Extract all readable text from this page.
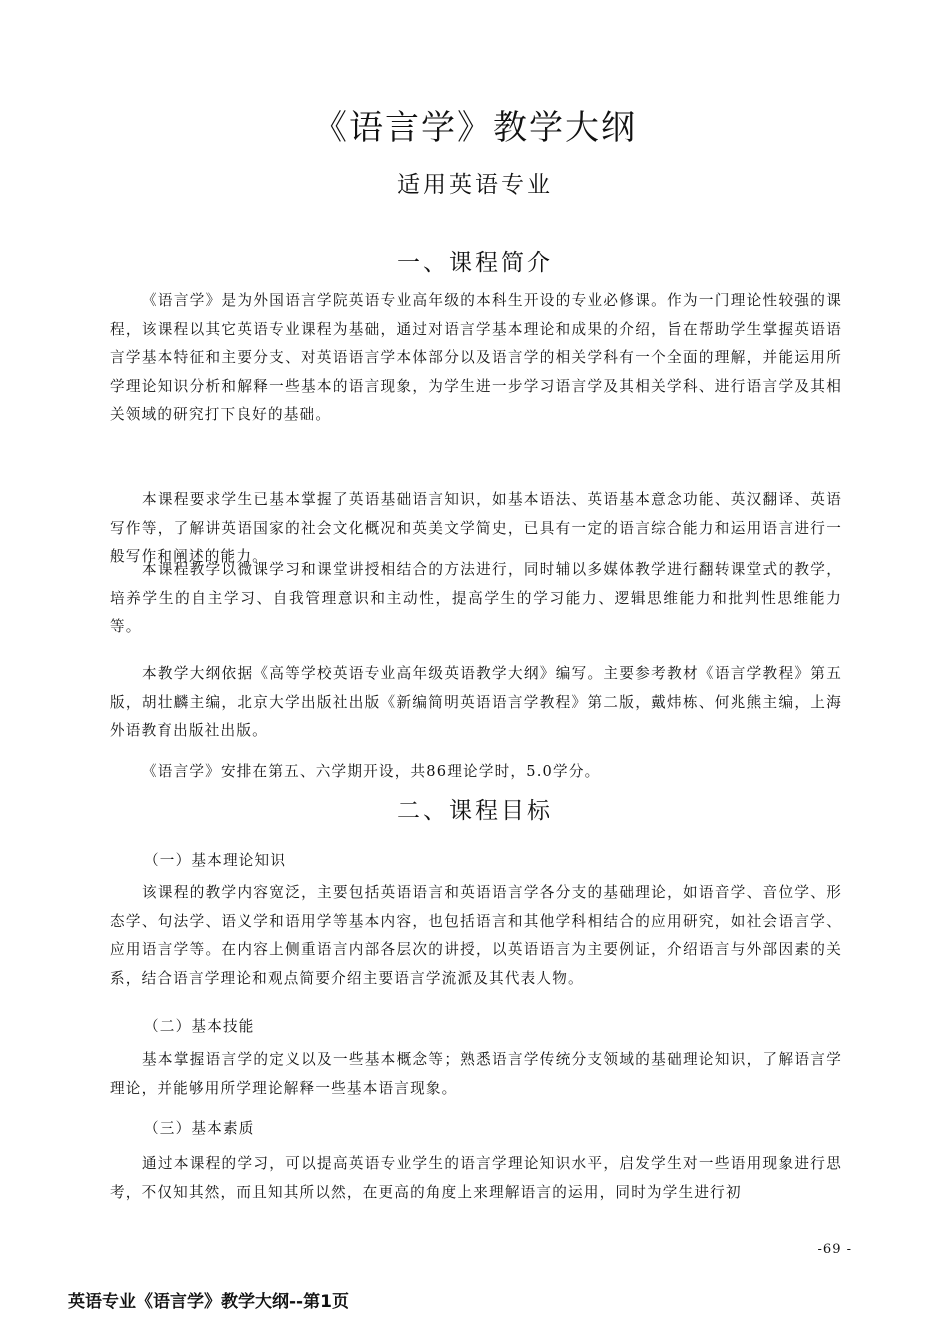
《语言学》教学大纲
适用英语专业
一、课程简介

《语言学》是为外国语言学院英语专业高年级的本科生开设的专业必修课。作为一门理论性较强的课程，该课程以其它英语专业课程为基础，通过对语言学基本理论和成果的介绍，旨在帮助学生掌握英语语言学基本特征和主要分支、对英语语言学本体部分以及语言学的相关学科有一个全面的理解，并能运用所学理论知识分析和解释一些基本的语言现象，为学生进一步学习语言学及其相关学科、进行语言学及其相关领域的研究打下良好的基础。

本课程要求学生已基本掌握了英语基础语言知识，如基本语法、英语基本意念功能、英汉翻译、英语写作等，了解讲英语国家的社会文化概况和英美文学简史，已具有一定的语言综合能力和运用语言进行一般写作和阐述的能力。

本课程教学以微课学习和课堂讲授相结合的方法进行，同时辅以多媒体教学进行翻转课堂式的教学，培养学生的自主学习、自我管理意识和主动性，提高学生的学习能力、逻辑思维能力和批判性思维能力等。

本教学大纲依据《高等学校英语专业高年级英语教学大纲》编写。主要参考教材《语言学教程》第五版，胡壮麟主编，北京大学出版社出版《新编简明英语语言学教程》第二版，戴炜栋、何兆熊主编，上海外语教育出版社出版。

《语言学》安排在第五、六学期开设，共86理论学时，5.0学分。

二、课程目标
（一）基本理论知识

该课程的教学内容宽泛，主要包括英语语言和英语语言学各分支的基础理论，如语音学、音位学、形态学、句法学、语义学和语用学等基本内容，也包括语言和其他学科相结合的应用研究，如社会语言学、应用语言学等。在内容上侧重语言内部各层次的讲授，以英语语言为主要例证，介绍语言与外部因素的关系，结合语言学理论和观点简要介绍主要语言学流派及其代表人物。

（二）基本技能

基本掌握语言学的定义以及一些基本概念等；熟悉语言学传统分支领域的基础理论知识，了解语言学理论，并能够用所学理论解释一些基本语言现象。

（三）基本素质

通过本课程的学习，可以提高英语专业学生的语言学理论知识水平，启发学生对一些语用现象进行思考，不仅知其然，而且知其所以然，在更高的角度上来理解语言的运用，同时为学生进行初

-69 -
英语专业《语言学》教学大纲--第1页
